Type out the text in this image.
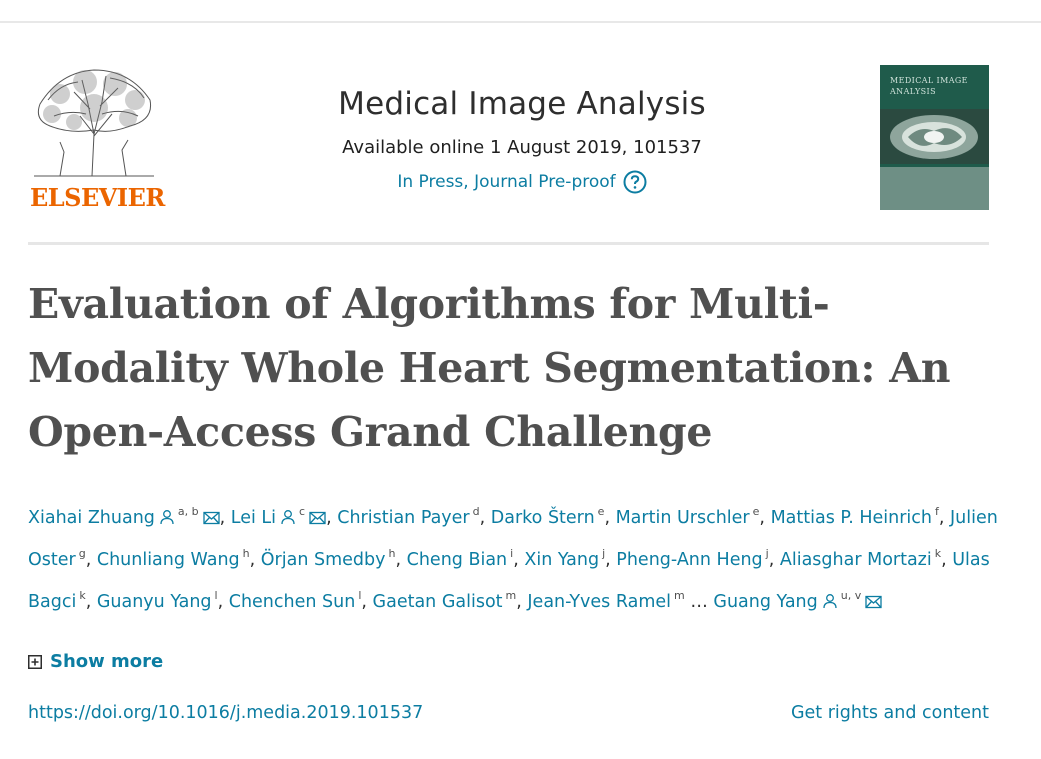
ELSEVIER
Medical Image Analysis
Available online 1 August 2019, 101537
In Press, Journal Pre-proof
MEDICAL IMAGE ANALYSIS
Evaluation of Algorithms for Multi-Modality Whole Heart Segmentation: An Open-Access Grand Challenge
Xiahai Zhuang $^{a, b}$ , Lei Li $^c$ , Christian Payer $^d$, Darko Štern $^e$, Martin Urschler $^e$, Mattias P. Heinrich $^f$, Julien Oster $^g$, Chunliang Wang $^h$, Örjan Smedby $^h$, Cheng Bian $^i$, Xin Yang $^j$, Pheng-Ann Heng $^j$, Aliasghar Mortazi $^k$, Ulas Bagci $^k$, Guanyu Yang $^l$, Chenchen Sun $^l$, Gaetan Galisot $^m$, Jean-Yves Ramel $^m$ … Guang Yang $^{u, v}$
Show more
https://doi.org/10.1016/j.media.2019.101537	Get rights and content
